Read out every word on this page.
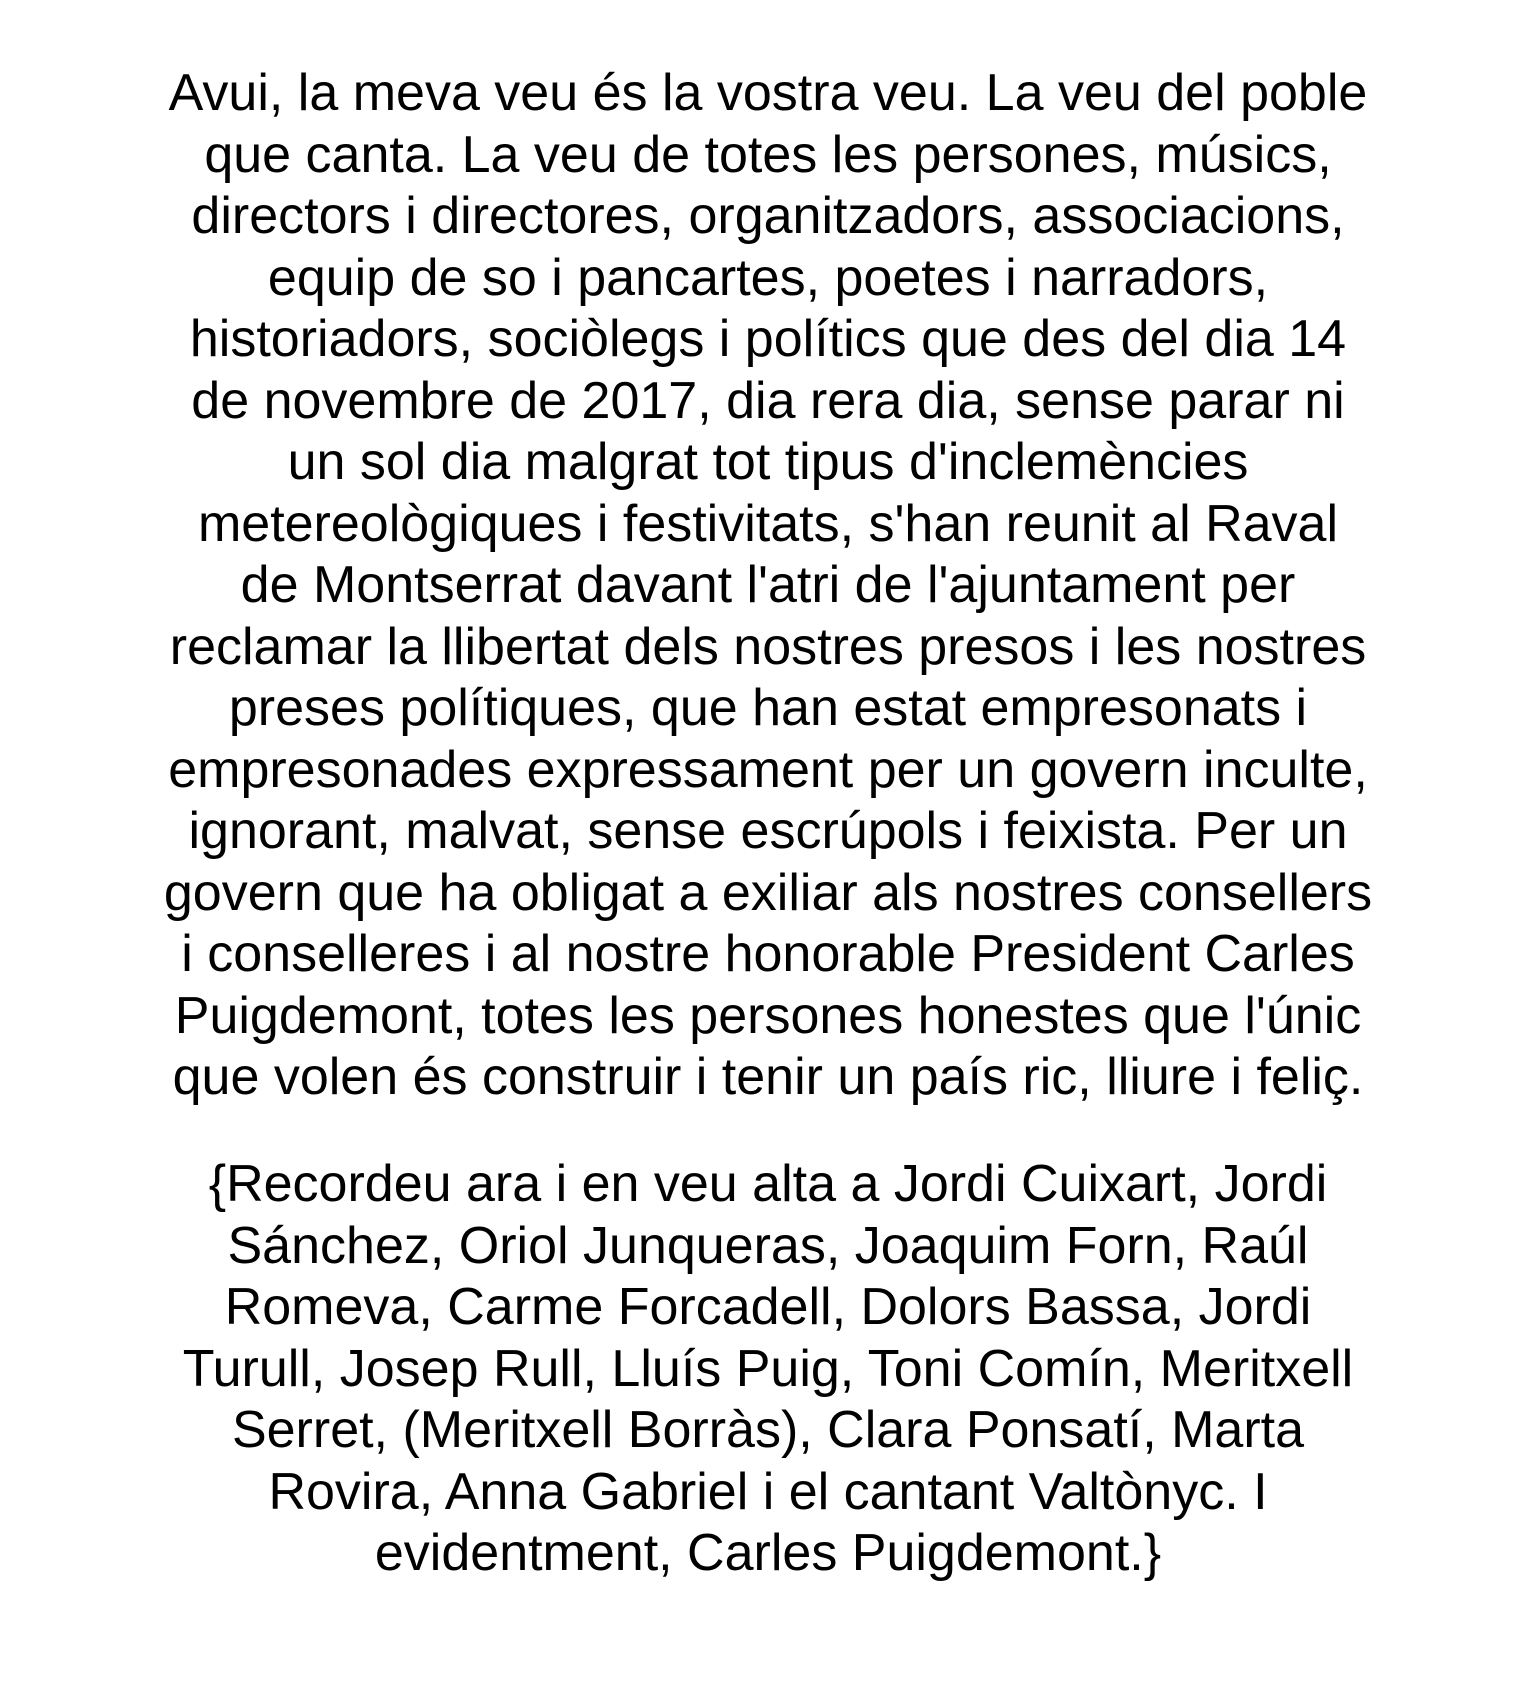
Avui, la meva veu és la vostra veu. La veu del poble
que canta. La veu de totes les persones, músics,
directors i directores, organitzadors, associacions,
equip de so i pancartes, poetes i narradors,
historiadors, sociòlegs i polítics que des del dia 14
de novembre de 2017, dia rera dia, sense parar ni
un sol dia malgrat tot tipus d'inclemències
metereològiques i festivitats, s'han reunit al Raval
de Montserrat davant l'atri de l'ajuntament per
reclamar la llibertat dels nostres presos i les nostres
preses polítiques, que han estat empresonats i
empresonades expressament per un govern inculte,
ignorant, malvat, sense escrúpols i feixista. Per un
govern que ha obligat a exiliar als nostres consellers
i conselleres i al nostre honorable President Carles
Puigdemont, totes les persones honestes que l'únic
que volen és construir i tenir un país ric, lliure i feliç.

{Recordeu ara i en veu alta a Jordi Cuixart, Jordi
Sánchez, Oriol Junqueras, Joaquim Forn, Raúl
Romeva, Carme Forcadell, Dolors Bassa, Jordi
Turull, Josep Rull, Lluís Puig, Toni Comín, Meritxell
Serret, (Meritxell Borràs), Clara Ponsatí, Marta
Rovira, Anna Gabriel i el cantant Valtònyc. I
evidentment, Carles Puigdemont.}
